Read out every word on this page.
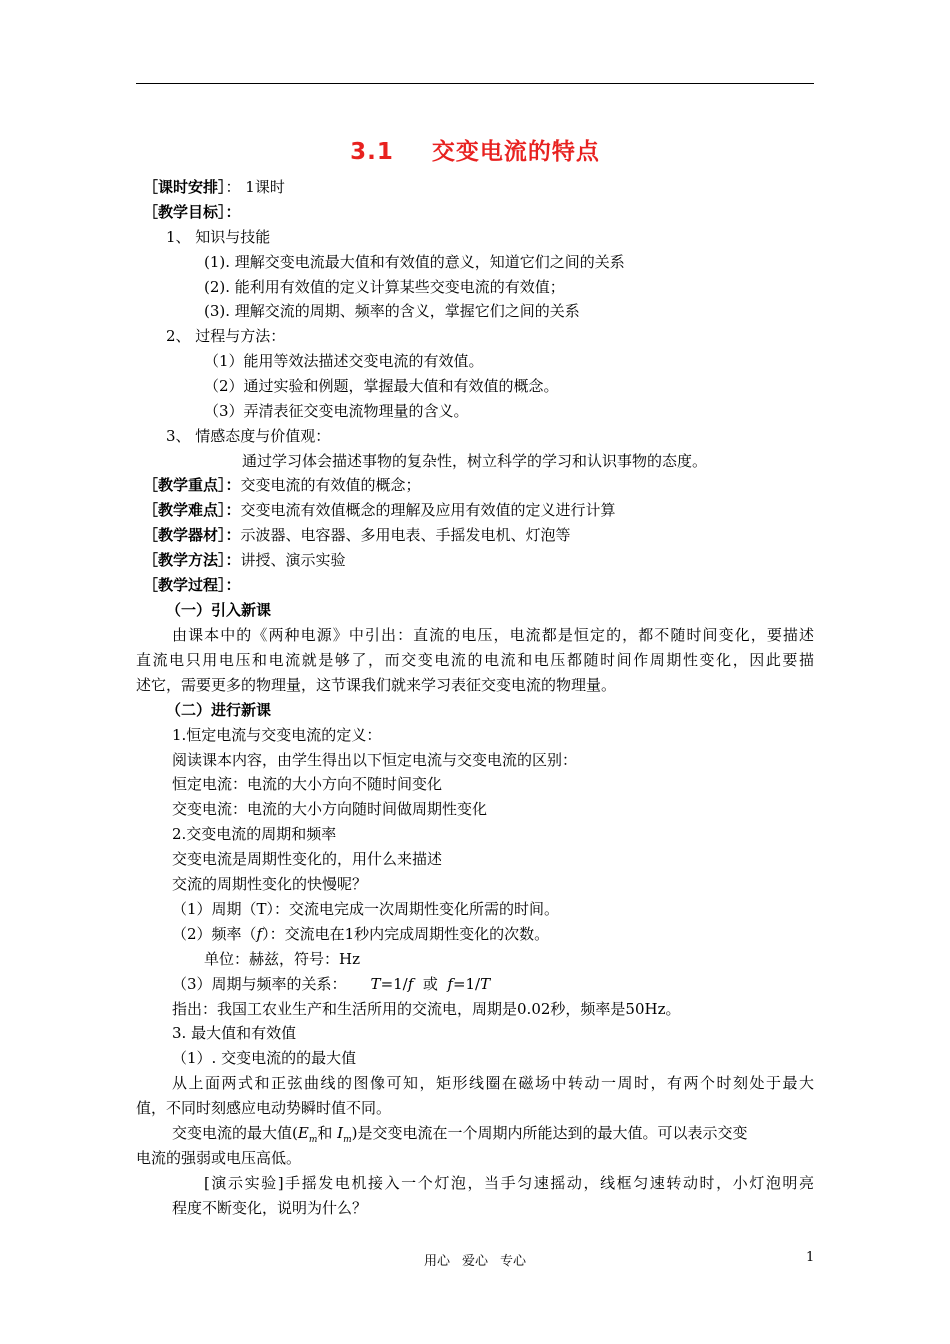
3.1 交变电流的特点
［课时安排］： 1课时
［教学目标］：
1、 知识与技能
(1). 理解交变电流最大值和有效值的意义，知道它们之间的关系
(2). 能利用有效值的定义计算某些交变电流的有效值；
(3). 理解交流的周期、频率的含义，掌握它们之间的关系
2、 过程与方法：
（1）能用等效法描述交变电流的有效值。
（2）通过实验和例题，掌握最大值和有效值的概念。
（3）弄清表征交变电流物理量的含义。
3、 情感态度与价值观：
通过学习体会描述事物的复杂性，树立科学的学习和认识事物的态度。
［教学重点］：交变电流的有效值的概念；
［教学难点］：交变电流有效值概念的理解及应用有效值的定义进行计算
［教学器材］：示波器、电容器、多用电表、手摇发电机、灯泡等
［教学方法］：讲授、演示实验
［教学过程］：
（一）引入新课
由课本中的《两种电源》中引出：直流的电压，电流都是恒定的，都不随时间变化，要描述
直流电只用电压和电流就是够了，而交变电流的电流和电压都随时间作周期性变化，因此要描
述它，需要更多的物理量，这节课我们就来学习表征交变电流的物理量。
（二）进行新课
1.恒定电流与交变电流的定义：
阅读课本内容，由学生得出以下恒定电流与交变电流的区别：
恒定电流：电流的大小方向不随时间变化
交变电流：电流的大小方向随时间做周期性变化
2.交变电流的周期和频率
交变电流是周期性变化的，用什么来描述
交流的周期性变化的快慢呢？
（1）周期（T）：交流电完成一次周期性变化所需的时间。
（2）频率（f）：交流电在1秒内完成周期性变化的次数。
单位：赫兹，符号：Hz
（3）周期与频率的关系： T=1/f  或  f=1/T
指出：我国工农业生产和生活所用的交流电，周期是0.02秒，频率是50Hz。
3. 最大值和有效值
（1）. 交变电流的的最大值
从上面两式和正弦曲线的图像可知，矩形线圈在磁场中转动一周时，有两个时刻处于最大
值，不同时刻感应电动势瞬时值不同。
交变电流的最大值($E_m$和 $I_m$)是交变电流在一个周期内所能达到的最大值。可以表示交变
电流的强弱或电压高低。
[演示实验]手摇发电机接入一个灯泡，当手匀速摇动，线框匀速转动时，小灯泡明亮
程度不断变化，说明为什么？
用心 爱心 专心	1
